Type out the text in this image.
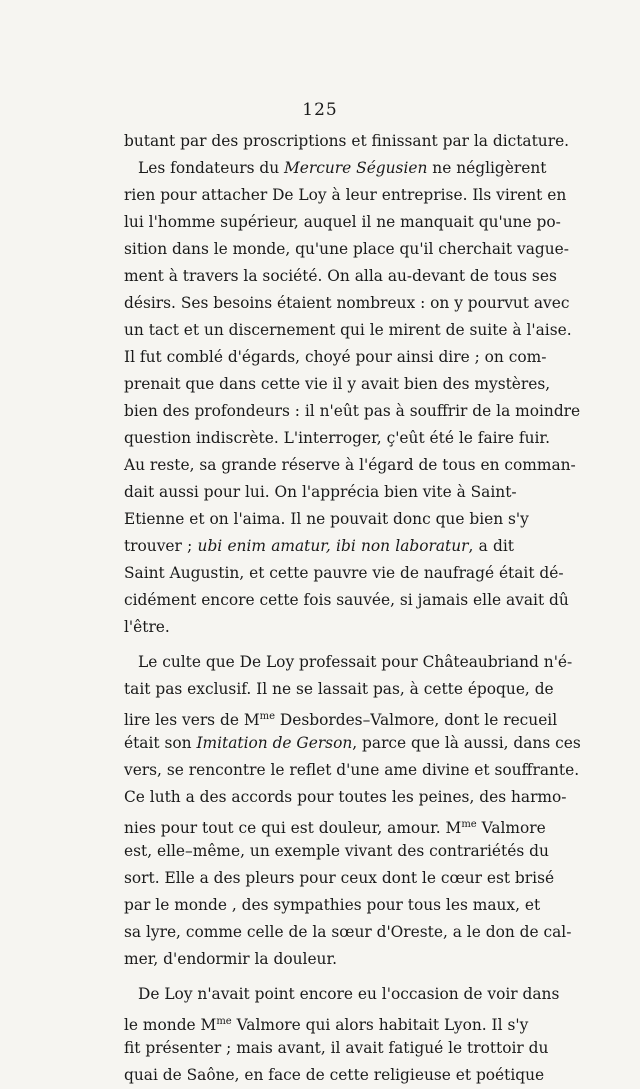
125
butant par des proscriptions et finissant par la dictature.
Les fondateurs du Mercure Ségusien ne négligèrent
rien pour attacher De Loy à leur entreprise. Ils virent en
lui l'homme supérieur, auquel il ne manquait qu'une po-
sition dans le monde, qu'une place qu'il cherchait vague-
ment à travers la société. On alla au-devant de tous ses
désirs. Ses besoins étaient nombreux : on y pourvut avec
un tact et un discernement qui le mirent de suite à l'aise.
Il fut comblé d'égards, choyé pour ainsi dire ; on com-
prenait que dans cette vie il y avait bien des mystères,
bien des profondeurs : il n'eût pas à souffrir de la moindre
question indiscrète. L'interroger, ç'eût été le faire fuir.
Au reste, sa grande réserve à l'égard de tous en comman-
dait aussi pour lui. On l'apprécia bien vite à Saint-
Etienne et on l'aima. Il ne pouvait donc que bien s'y
trouver ; ubi enim amatur, ibi non laboratur, a dit
Saint Augustin, et cette pauvre vie de naufragé était dé-
cidément encore cette fois sauvée, si jamais elle avait dû
l'être.
Le culte que De Loy professait pour Châteaubriand n'é-
tait pas exclusif. Il ne se lassait pas, à cette époque, de
lire les vers de $M^{me}$ Desbordes–Valmore, dont le recueil
était son Imitation de Gerson, parce que là aussi, dans ces
vers, se rencontre le reflet d'une ame divine et souffrante.
Ce luth a des accords pour toutes les peines, des harmo-
nies pour tout ce qui est douleur, amour. $M^{me}$ Valmore
est, elle–même, un exemple vivant des contrariétés du
sort. Elle a des pleurs pour ceux dont le cœur est brisé
par le monde , des sympathies pour tous les maux, et
sa lyre, comme celle de la sœur d'Oreste, a le don de cal-
mer, d'endormir la douleur.
De Loy n'avait point encore eu l'occasion de voir dans
le monde $M^{me}$ Valmore qui alors habitait Lyon. Il s'y
fit présenter ; mais avant, il avait fatigué le trottoir du
quai de Saône, en face de cette religieuse et poétique
